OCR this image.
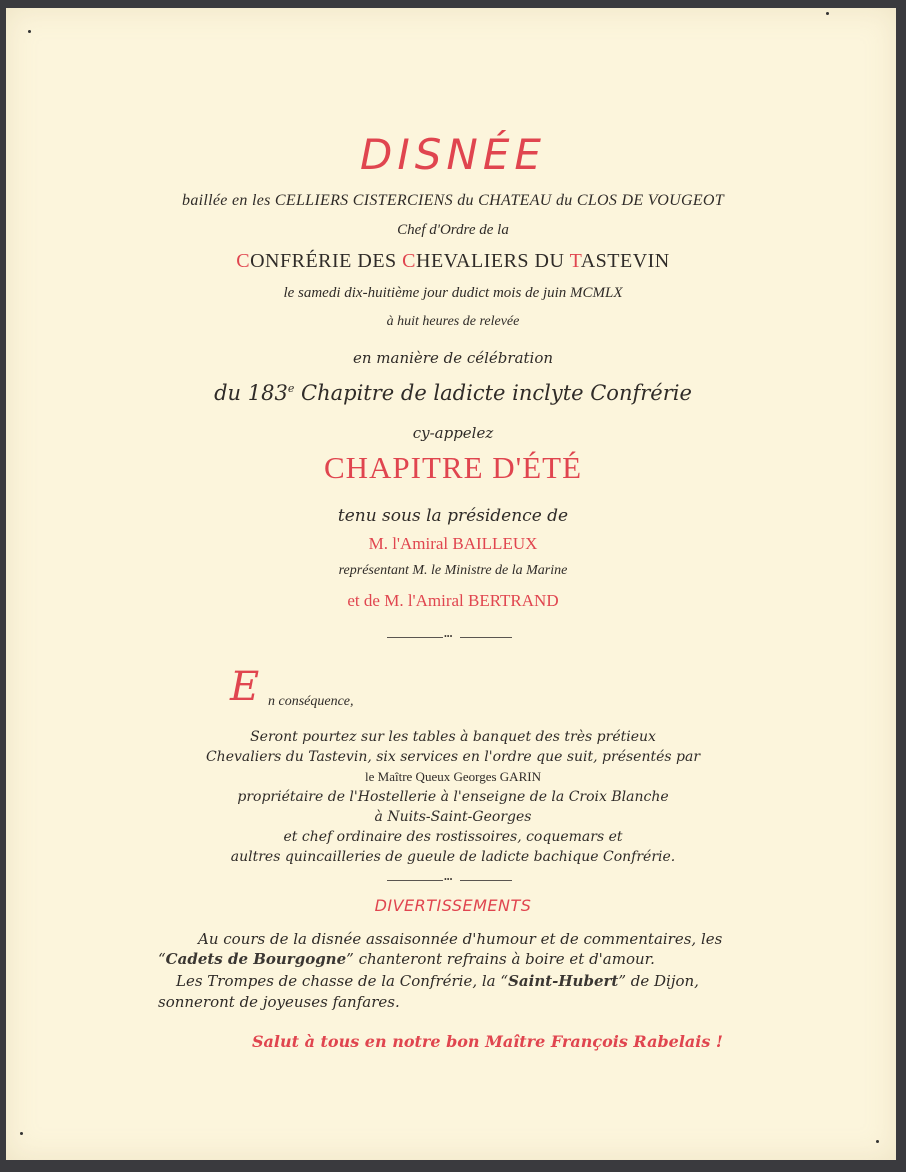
DISNÉE
baillée en les CELLIERS CISTERCIENS du CHATEAU du CLOS DE VOUGEOT
Chef d'Ordre de la
CONFRÉRIE DES CHEVALIERS DU TASTEVIN
le samedi dix-huitième jour dudict mois de juin MCMLX
à huit heures de relevée
en manière de célébration
du 183e Chapitre de ladicte inclyte Confrérie
cy-appelez
CHAPITRE D'ÉTÉ
tenu sous la présidence de
M. l'Amiral BAILLEUX
représentant M. le Ministre de la Marine
et de M. l'Amiral BERTRAND
•••
E n conséquence,
Seront pourtez sur les tables à banquet des très prétieux
Chevaliers du Tastevin, six services en l'ordre que suit, présentés par
le Maître Queux Georges GARIN
propriétaire de l'Hostellerie à l'enseigne de la Croix Blanche
à Nuits-Saint-Georges
et chef ordinaire des rostissoires, coquemars et
aultres quincailleries de gueule de ladicte bachique Confrérie.
•••
DIVERTISSEMENTS
Au cours de la disnée assaisonnée d'humour et de commentaires, les
“Cadets de Bourgogne” chanteront refrains à boire et d'amour.
Les Trompes de chasse de la Confrérie, la “Saint-Hubert” de Dijon,
sonneront de joyeuses fanfares.
Salut à tous en notre bon Maître François Rabelais !
